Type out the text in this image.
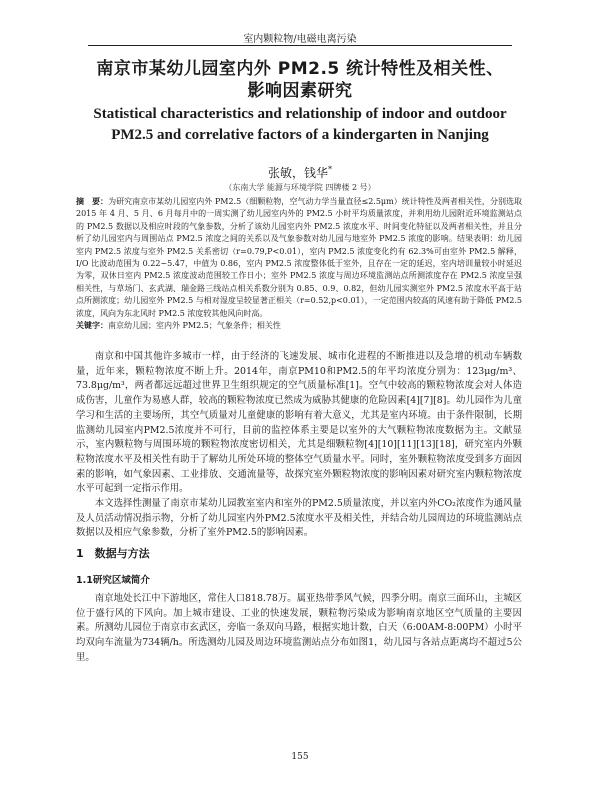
室内颗粒物/电磁电离污染
南京市某幼儿园室内外 PM2.5 统计特性及相关性、
影响因素研究
Statistical characteristics and relationship of indoor and outdoor
PM2.5 and correlative factors of a kindergarten in Nanjing
张敏，钱华*
（东南大学 能源与环境学院 四牌楼 2 号）
摘　要：为研究南京市某幼儿园室内外 PM2.5（细颗粒物，空气动力学当量直径≤2.5μm）统计特性及两者相关性，分别选取 2015 年 4 月、5 月、6 月每月中的一周实测了幼儿园室内外的 PM2.5 小时平均质量浓度，并利用幼儿园附近环境监测站点的 PM2.5 数据以及相应时段的气象参数，分析了该幼儿园室内外 PM2.5 浓度水平、时间变化特征以及两者相关性，并且分析了幼儿园室内与周围站点 PM2.5 浓度之间的关系以及气象参数对幼儿园与地室外 PM2.5 浓度的影响。结果表明：幼儿园室内 PM2.5 浓度与室外 PM2.5 关系密切（r=0.79,P<0.01），室内 PM2.5 浓度变化约有 62.3%可由室外 PM2.5 解释，I/O 比波动范围为 0.22~5.47，中值为 0.86，室内 PM2.5 浓度整体低于室外，且存在一定的延迟，室内培训量较小时延迟为零，双休日室内 PM2.5 浓度波动范围较工作日小；室外 PM2.5 浓度与周边环境监测站点所测浓度存在 PM2.5 浓度呈强相关性，与草场门、玄武湖、瑞金路三线站点相关系数分别为 0.85、0.9、0.82，但幼儿园实测室外 PM2.5 浓度水平高于站点所测浓度；幼儿园室外 PM2.5 与相对湿度呈较显著正相关（r=0.52,p<0.01），一定范围内较高的风速有助于降低 PM2.5 浓度，风向为东北风时 PM2.5 浓度较其他风向时高。
关键字：南京幼儿园；室内外 PM2.5；气象条件；相关性

南京和中国其他许多城市一样，由于经济的飞速发展、城市化进程的不断推进以及急增的机动车辆数量，近年来，颗粒物浓度不断上升。2014年，南京PM10和PM2.5的年平均浓度分别为：123μg/m³、73.8μg/m³，两者都远远超过世界卫生组织规定的空气质量标准[1]。空气中较高的颗粒物浓度会对人体造成伤害，儿童作为易感人群，较高的颗粒物浓度已然成为威胁其健康的危险因素[4][7][8]。幼儿园作为儿童学习和生活的主要场所，其空气质量对儿童健康的影响有着大意义，尤其是室内环境。由于条件限制，长期监测幼儿园室内PM2.5浓度并不可行，目前的监控体系主要是以室外的大气颗粒物浓度数据为主。文献显示，室内颗粒物与周围环境的颗粒物浓度密切相关，尤其是细颗粒物[4][10][11][13][18]，研究室内外颗粒物浓度水平及相关性有助于了解幼儿所处环境的整体空气质量水平。同时，室外颗粒物浓度受到多方面因素的影响，如气象因素、工业排放、交通流量等，故探究室外颗粒物浓度的影响因素对研究室内颗粒物浓度水平可起到一定指示作用。

本文选择性测量了南京市某幼儿园教室室内和室外的PM2.5质量浓度，并以室内外CO₂浓度作为通风量及人员活动情况指示物，分析了幼儿园室内外PM2.5浓度水平及相关性，并结合幼儿园周边的环境监测站点数据以及相应气象参数，分析了室外PM2.5的影响因素。

1　数据与方法
1.1研究区域简介

南京地处长江中下游地区，常住人口818.78万。属亚热带季风气候，四季分明。南京三面环山，主城区位于盛行风的下风向。加上城市建设、工业的快速发展，颗粒物污染成为影响南京地区空气质量的主要因素。所测幼儿园位于南京市玄武区，旁临一条双向马路，根据实地计数，白天（6:00AM-8:00PM）小时平均双向车流量为734辆/h。所选测幼儿园及周边环境监测站点分布如图1，幼儿园与各站点距离均不超过5公里。

155
